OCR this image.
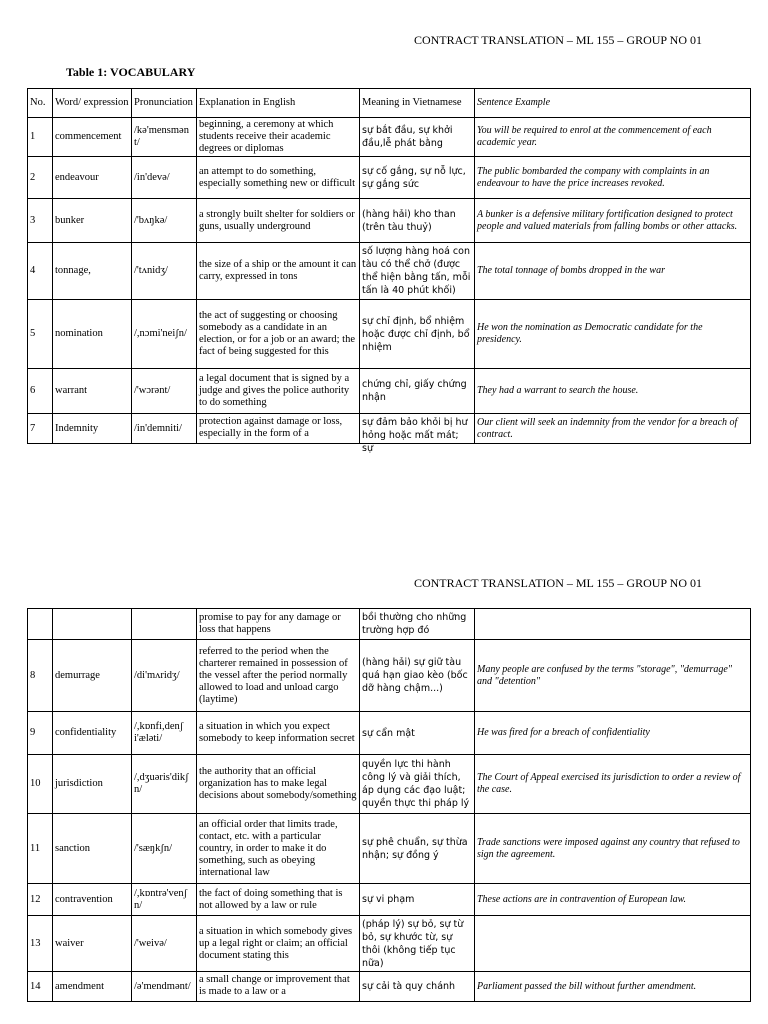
CONTRACT TRANSLATION – ML 155 – GROUP NO 01
Table 1: VOCABULARY
No.	Word/ expression	Pronunciation	Explanation in English	Meaning in Vietnamese	Sentence Example
1	commencement	/kə'mensmənt/	beginning, a ceremony at which students receive their academic degrees or diplomas	sự bắt đầu, sự khởi đầu,lễ phát bằng	You will be required to enrol at the commencement of each academic year.
2	endeavour	/in'devə/	an attempt to do something, especially something new or difficult	sự cố gắng, sự nỗ lực, sự gắng sức	The public bombarded the company with complaints in an endeavour to have the price increases revoked.
3	bunker	/'bʌŋkə/	a strongly built shelter for soldiers or guns, usually underground	(hàng hải) kho than (trên tàu thuỷ)	A bunker is a defensive military fortification designed to protect people and valued materials from falling bombs or other attacks.
4	tonnage,	/'tʌnidʒ/	the size of a ship or the amount it can carry, expressed in tons	số lượng hàng hoá con tàu có thể chở (được thể hiện bằng tấn, mỗi tấn là 40 phút khối)	The total tonnage of bombs dropped in the war
5	nomination	/,nɔmi'neiʃn/	the act of suggesting or choosing somebody as a candidate in an election, or for a job or an award; the fact of being suggested for this	sự chỉ định, bổ nhiệm hoặc được chỉ định, bổ nhiệm	He won the nomination as Democratic candidate for the presidency.
6	warrant	/'wɔrənt/	a legal document that is signed by a judge and gives the police authority to do something	chứng chỉ, giấy chứng nhận	They had a warrant to search the house.
7	Indemnity	/in'demniti/	protection against damage or loss, especially in the form of a	sự đảm bảo khỏi bị hư hỏng hoặc mất mát; sự	Our client will seek an indemnity from the vendor for a breach of contract.
CONTRACT TRANSLATION – ML 155 – GROUP NO 01
			promise to pay for any damage or loss that happens	bồi thường cho những trường hợp đó	
8	demurrage	/di'mʌridʒ/	referred to the period when the charterer remained in possession of the vessel after the period normally allowed to load and unload cargo (laytime)	(hàng hải) sự giữ tàu quá hạn giao kèo (bốc dỡ hàng chậm...)	Many people are confused by the terms "storage", "demurrage" and "detention"
9	confidentiality	/,kɒnfi,denʃi'æləti/	a situation in which you expect somebody to keep information secret	sự cẩn mật	He was fired for a breach of confidentiality
10	jurisdiction	/,dʒuəris'dikʃn/	the authority that an official organization has to make legal decisions about somebody/something	quyền lực thi hành công lý và giải thích, áp dụng các đạo luật; quyền thực thi pháp lý	The Court of Appeal exercised its jurisdiction to order a review of the case.
11	sanction	/'sæŋkʃn/	an official order that limits trade, contact, etc. with a particular country, in order to make it do something, such as obeying international law	sự phê chuẩn, sự thừa nhận; sự đồng ý	Trade sanctions were imposed against any country that refused to sign the agreement.
12	contravention	/,kɒntrə'venʃn/	the fact of doing something that is not allowed by a law or rule	sự vi phạm	These actions are in contravention of European law.
13	waiver	/'weivə/	a situation in which somebody gives up a legal right or claim; an official document stating this	(pháp lý) sự bỏ, sự từ bỏ, sự khước từ, sự thôi (không tiếp tục nữa)	
14	amendment	/ə'mendmənt/	a small change or improvement that is made to a law or a	sự cải tà quy chánh	Parliament passed the bill without further amendment.
